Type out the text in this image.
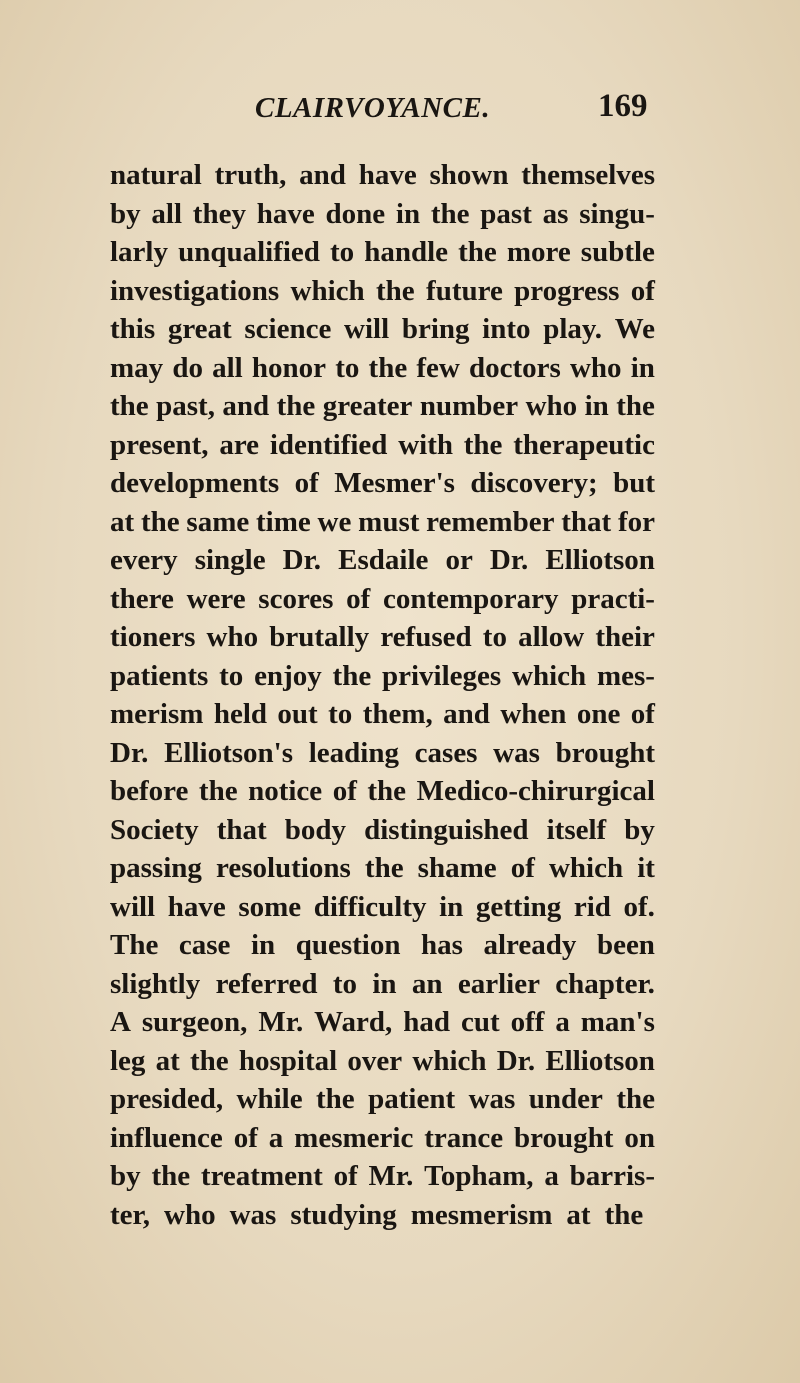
CLAIRVOYANCE.	169
natural truth, and have shown themselves
by all they have done in the past as singu-
larly unqualified to handle the more subtle
investigations which the future progress of
this great science will bring into play. We
may do all honor to the few doctors who in
the past, and the greater number who in the
present, are identified with the therapeutic
developments of Mesmer's discovery; but
at the same time we must remember that for
every single Dr. Esdaile or Dr. Elliotson
there were scores of contemporary practi-
tioners who brutally refused to allow their
patients to enjoy the privileges which mes-
merism held out to them, and when one of
Dr. Elliotson's leading cases was brought
before the notice of the Medico-chirurgical
Society that body distinguished itself by
passing resolutions the shame of which it
will have some difficulty in getting rid of.
The case in question has already been
slightly referred to in an earlier chapter.
A surgeon, Mr. Ward, had cut off a man's
leg at the hospital over which Dr. Elliotson
presided, while the patient was under the
influence of a mesmeric trance brought on
by the treatment of Mr. Topham, a barris-
ter, who was studying mesmerism at the
